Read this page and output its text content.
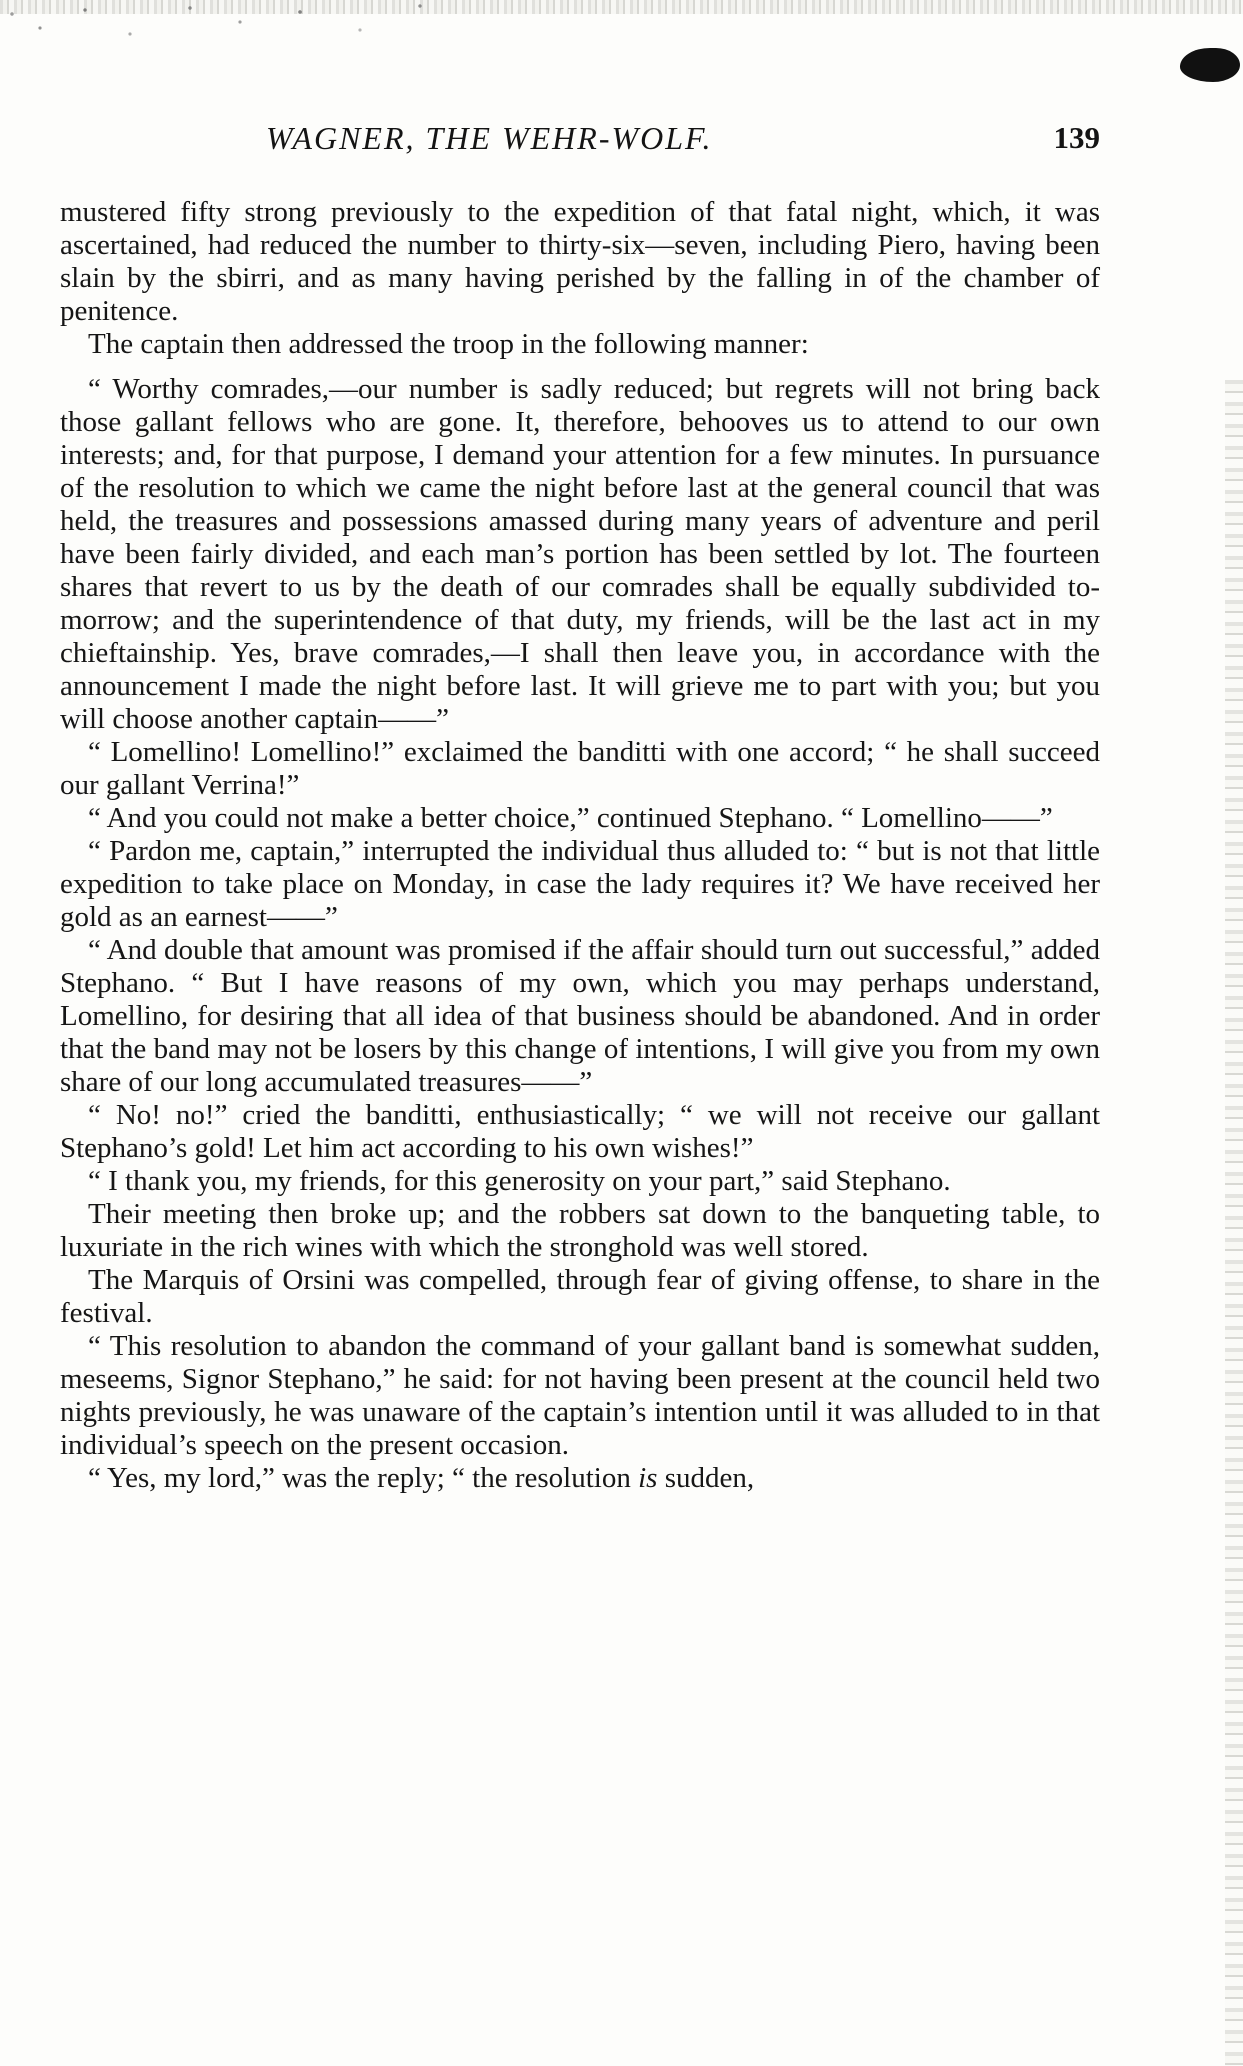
WAGNER, THE WEHR-WOLF.	139

mustered fifty strong previously to the expedition of that fatal night, which, it was ascertained, had reduced the number to thirty-six—seven, including Piero, having been slain by the sbirri, and as many having perished by the falling in of the chamber of penitence.

The captain then addressed the troop in the following manner:

“ Worthy comrades,—our number is sadly reduced; but regrets will not bring back those gallant fellows who are gone. It, therefore, behooves us to attend to our own interests; and, for that purpose, I demand your attention for a few minutes. In pursuance of the resolution to which we came the night before last at the general council that was held, the treasures and possessions amassed during many years of adventure and peril have been fairly divided, and each man’s portion has been settled by lot. The fourteen shares that revert to us by the death of our comrades shall be equally subdivided to-morrow; and the superintendence of that duty, my friends, will be the last act in my chieftainship. Yes, brave comrades,—I shall then leave you, in accordance with the announcement I made the night before last. It will grieve me to part with you; but you will choose another captain——”

“ Lomellino! Lomellino!” exclaimed the banditti with one accord; “ he shall succeed our gallant Verrina!”

“ And you could not make a better choice,” continued Stephano. “ Lomellino——”

“ Pardon me, captain,” interrupted the individual thus alluded to: “ but is not that little expedition to take place on Monday, in case the lady requires it? We have received her gold as an earnest——”

“ And double that amount was promised if the affair should turn out successful,” added Stephano. “ But I have reasons of my own, which you may perhaps understand, Lomellino, for desiring that all idea of that business should be abandoned. And in order that the band may not be losers by this change of intentions, I will give you from my own share of our long accumulated treasures——”

“ No! no!” cried the banditti, enthusiastically; “ we will not receive our gallant Stephano’s gold! Let him act according to his own wishes!”

“ I thank you, my friends, for this generosity on your part,” said Stephano.

Their meeting then broke up; and the robbers sat down to the banqueting table, to luxuriate in the rich wines with which the stronghold was well stored.

The Marquis of Orsini was compelled, through fear of giving offense, to share in the festival.

“ This resolution to abandon the command of your gallant band is somewhat sudden, meseems, Signor Stephano,” he said: for not having been present at the council held two nights previously, he was unaware of the captain’s intention until it was alluded to in that individual’s speech on the present occasion.

“ Yes, my lord,” was the reply; “ the resolution is sudden,
